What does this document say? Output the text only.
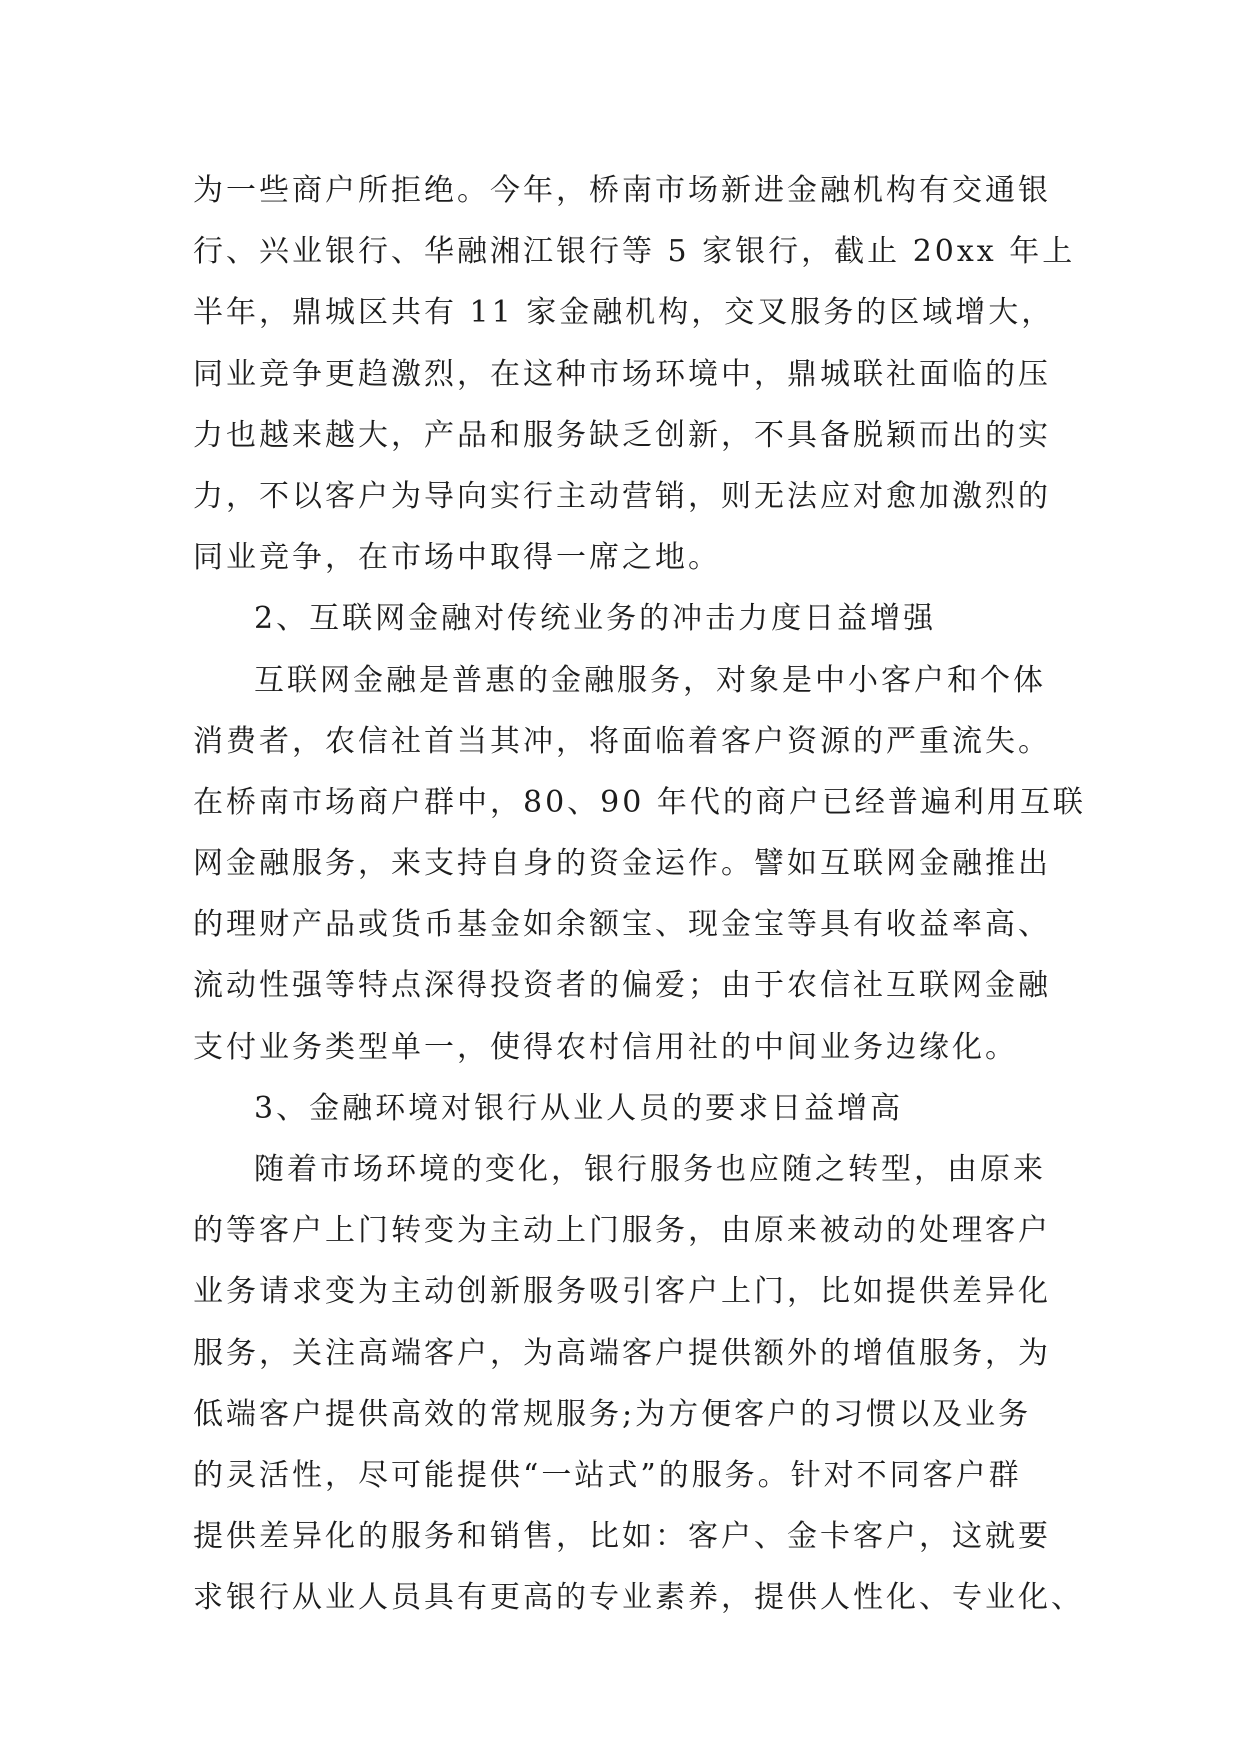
为一些商户所拒绝。今年，桥南市场新进金融机构有交通银
行、兴业银行、华融湘江银行等 5 家银行，截止 20xx 年上
半年，鼎城区共有 11 家金融机构，交叉服务的区域增大，
同业竞争更趋激烈，在这种市场环境中，鼎城联社面临的压
力也越来越大，产品和服务缺乏创新，不具备脱颖而出的实
力，不以客户为导向实行主动营销，则无法应对愈加激烈的
同业竞争，在市场中取得一席之地。
2、互联网金融对传统业务的冲击力度日益增强
互联网金融是普惠的金融服务，对象是中小客户和个体
消费者，农信社首当其冲，将面临着客户资源的严重流失。
在桥南市场商户群中，80、90 年代的商户已经普遍利用互联
网金融服务，来支持自身的资金运作。譬如互联网金融推出
的理财产品或货币基金如余额宝、现金宝等具有收益率高、
流动性强等特点深得投资者的偏爱；由于农信社互联网金融
支付业务类型单一，使得农村信用社的中间业务边缘化。
3、金融环境对银行从业人员的要求日益增高
随着市场环境的变化，银行服务也应随之转型，由原来
的等客户上门转变为主动上门服务，由原来被动的处理客户
业务请求变为主动创新服务吸引客户上门，比如提供差异化
服务，关注高端客户，为高端客户提供额外的增值服务，为
低端客户提供高效的常规服务;为方便客户的习惯以及业务
的灵活性，尽可能提供“一站式”的服务。针对不同客户群
提供差异化的服务和销售，比如：客户、金卡客户，这就要
求银行从业人员具有更高的专业素养，提供人性化、专业化、
